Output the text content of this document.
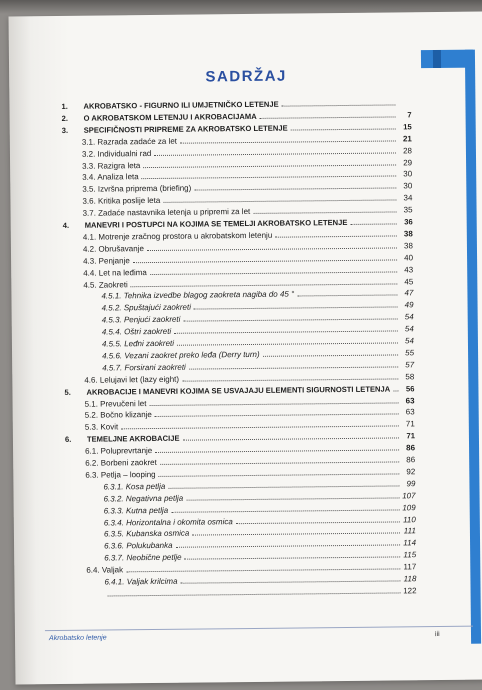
SADRŽAJ
1.	AKROBATSKO - FIGURNO ILI UMJETNIČKO LETENJE
2.	O AKROBATSKOM LETENJU I AKROBACIJAMA	7
3.	SPECIFIČNOSTI PRIPREME ZA AKROBATSKO LETENJE	15
3.1. Razrada zadaće za let	21
3.2. Individualni rad	28
3.3. Razigra leta	29
3.4. Analiza leta	30
3.5. Izvršna priprema (briefing)	30
3.6. Kritika poslije leta	34
3.7. Zadaće nastavnika letenja u pripremi za let	35
4.	MANEVRI I POSTUPCI NA KOJIMA SE TEMELJI AKROBATSKO LETENJE	36
4.1. Motrenje zračnog prostora u akrobatskom letenju	38
4.2. Obrušavanje	38
4.3. Penjanje	40
4.4. Let na leđima	43
4.5. Zaokreti	45
4.5.1. Tehnika izvedbe blagog zaokreta nagiba do 45 °	47
4.5.2. Spuštajući zaokreti	49
4.5.3. Penjući zaokreti	54
4.5.4. Oštri zaokreti	54
4.5.5. Leđni zaokreti	54
4.5.6. Vezani zaokret preko leđa (Derry turn)	55
4.5.7. Forsirani zaokreti	57
4.6. Lelujavi let (lazy eight)	58
5.	AKROBACIJE I MANEVRI KOJIMA SE USVAJAJU ELEMENTI SIGURNOSTI LETENJA	56
5.1. Prevučeni let	63
5.2. Bočno klizanje	63
5.3. Kovit	71
6.	TEMELJNE AKROBACIJE	71
6.1. Poluprevrtanje	86
6.2. Borbeni zaokret	86
6.3. Petlja – looping	92
6.3.1. Kosa petlja	99
6.3.2. Negativna petlja	107
6.3.3. Kutna petlja	109
6.3.4. Horizontalna i okomita osmica	110
6.3.5. Kubanska osmica	111
6.3.6. Polukubanka	114
6.3.7. Neobične petlje	115
6.4. Valjak	117
6.4.1. Valjak krilcima	118
122
Akrobatsko letenje	iii
